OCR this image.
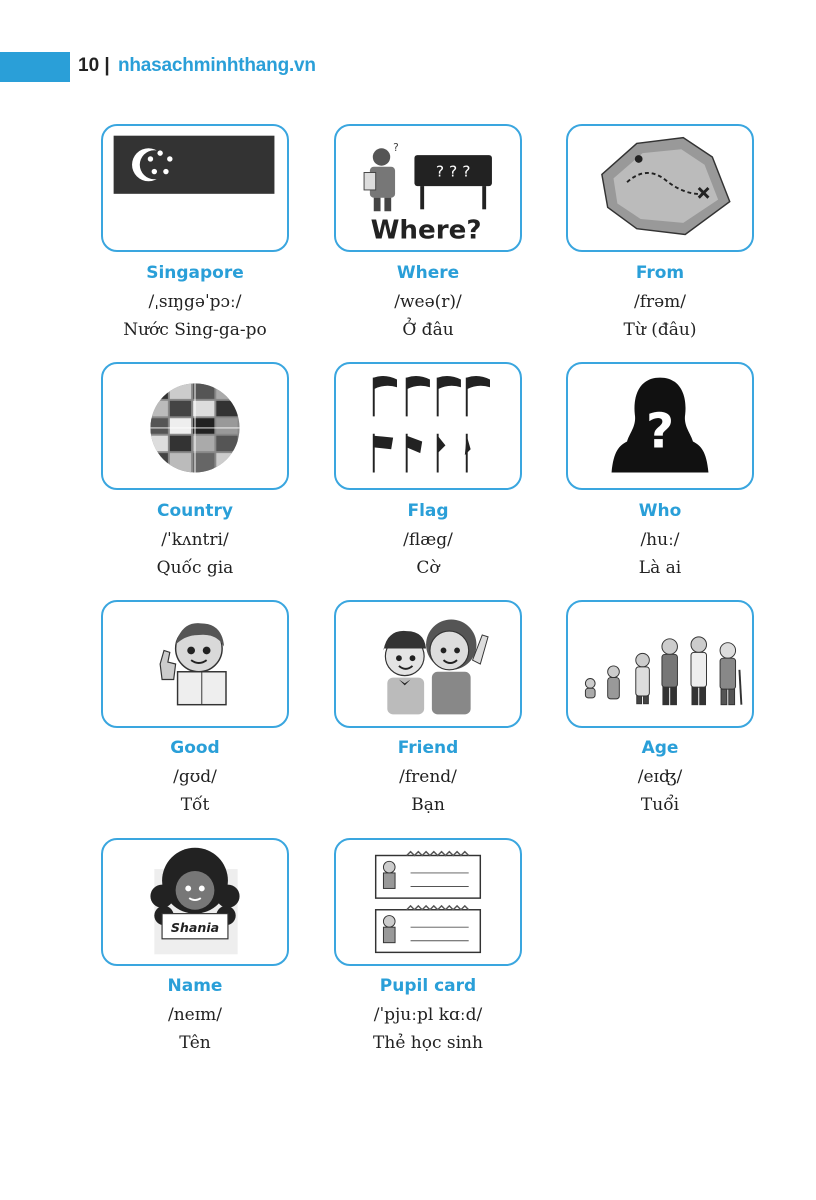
10 | nhasachminhthang.vn
Singapore
/ˌsɪŋgəˈpɔː/
Nước Sing-ga-po
?
? ? ?
Where?
Where
/weə(r)/
Ở đâu
From
/frəm/
Từ (đâu)
Country
/ˈkʌntri/
Quốc gia
Flag
/flæg/
Cờ
?
Who
/huː/
Là ai
Good
/gʊd/
Tốt
Friend
/frend/
Bạn
Age
/eɪʤ/
Tuổi
Shania
Name
/neɪm/
Tên
Pupil card
/ˈpjuːpl kɑːd/
Thẻ học sinh
